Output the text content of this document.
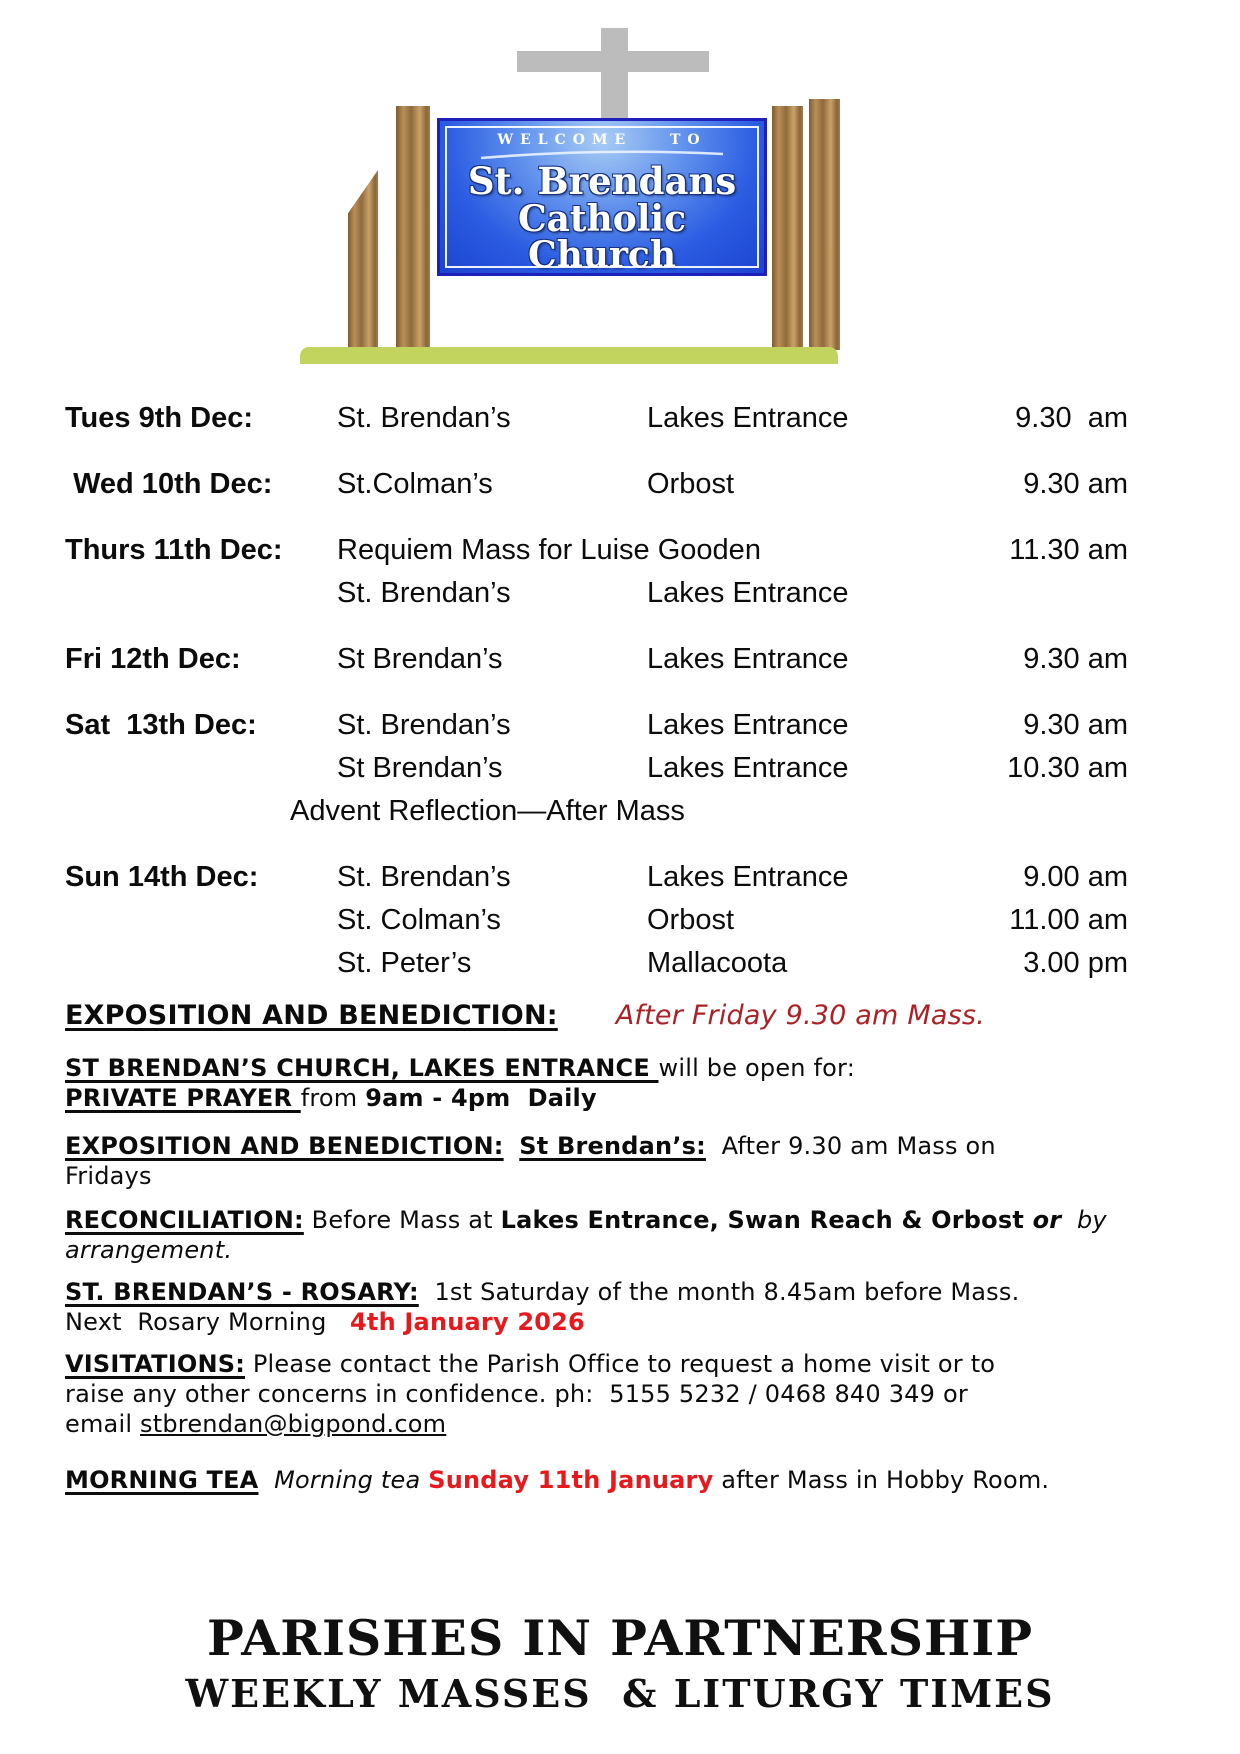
WELCOME TO
St. Brendans
Catholic
Church
Tues 9th Dec:	St. Brendan’s	Lakes Entrance	9.30  am
Wed 10th Dec:	St.Colman’s	Orbost	9.30 am
Thurs 11th Dec:	Requiem Mass for Luise Gooden	11.30 am
St. Brendan’s	Lakes Entrance
Fri 12th Dec:	St Brendan’s	Lakes Entrance	9.30 am
Sat  13th Dec:	St. Brendan’s	Lakes Entrance	9.30 am
St Brendan’s	Lakes Entrance	10.30 am
Advent Reflection—After Mass
Sun 14th Dec:	St. Brendan’s	Lakes Entrance	9.00 am
St. Colman’s	Orbost	11.00 am
St. Peter’s	Mallacoota	3.00 pm

EXPOSITION AND BENEDICTION: After Friday 9.30 am Mass.

ST BRENDAN’S CHURCH, LAKES ENTRANCE will be open for:
PRIVATE PRAYER from 9am - 4pm  Daily

EXPOSITION AND BENEDICTION: St Brendan’s:  After 9.30 am Mass on
Fridays

RECONCILIATION: Before Mass at Lakes Entrance, Swan Reach & Orbost or  by
arrangement.

ST. BRENDAN’S - ROSARY:  1st Saturday of the month 8.45am before Mass.
Next  Rosary Morning   4th January 2026

VISITATIONS: Please contact the Parish Office to request a home visit or to
raise any other concerns in confidence. ph:  5155 5232 / 0468 840 349 or
email stbrendan@bigpond.com

MORNING TEA  Morning tea Sunday 11th January after Mass in Hobby Room.

PARISHES IN PARTNERSHIP
WEEKLY MASSES  & LITURGY TIMES
